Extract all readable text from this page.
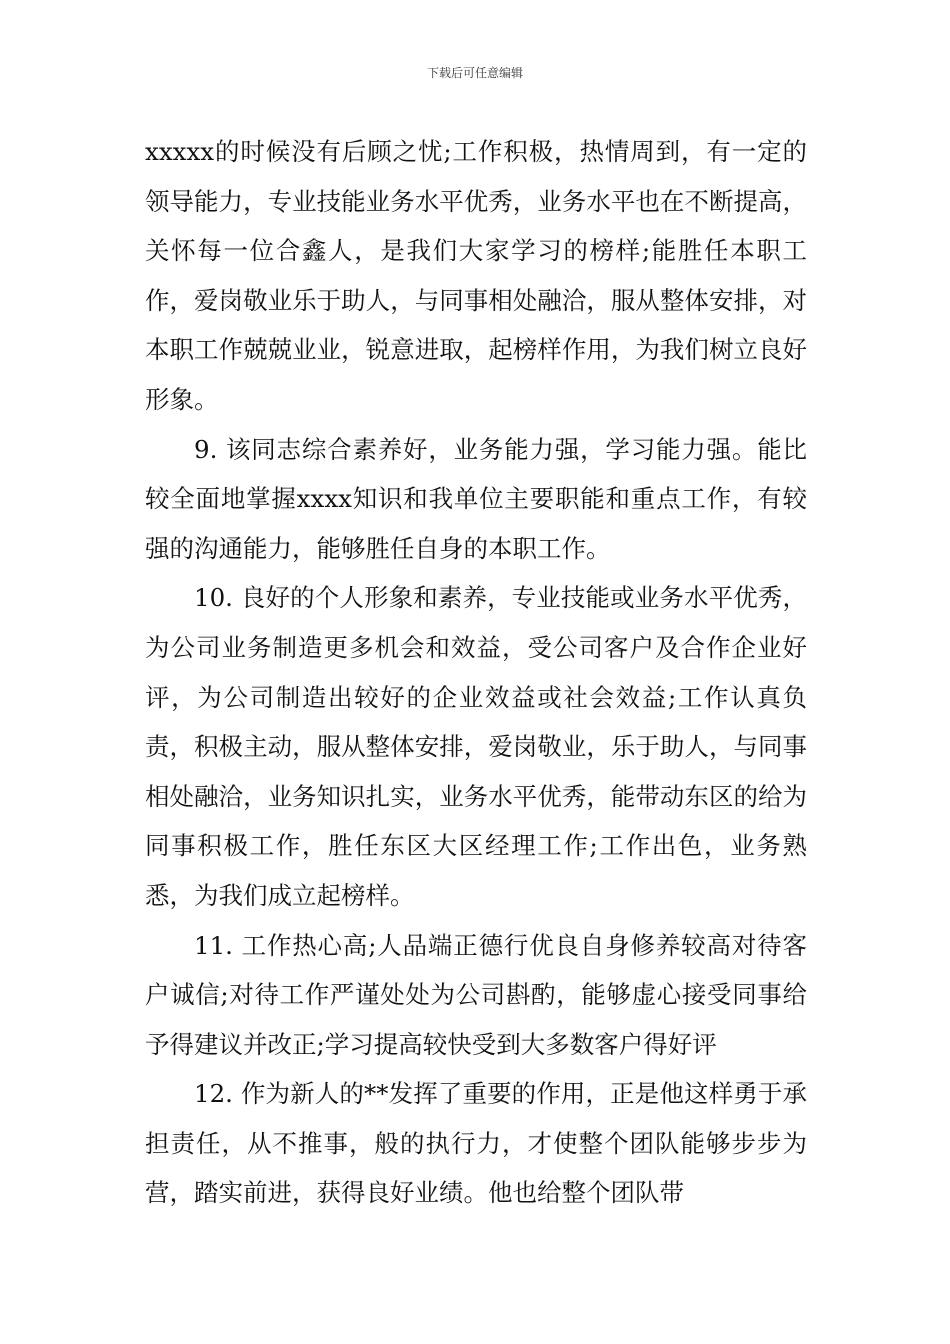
下载后可任意编辑

xxxxx的时候没有后顾之忧;工作积极，热情周到，有一定的领导能力，专业技能业务水平优秀，业务水平也在不断提高，关怀每一位合鑫人，是我们大家学习的榜样;能胜任本职工作，爱岗敬业乐于助人，与同事相处融洽，服从整体安排，对本职工作兢兢业业，锐意进取，起榜样作用，为我们树立良好形象。

9. 该同志综合素养好，业务能力强，学习能力强。能比较全面地掌握xxxx知识和我单位主要职能和重点工作，有较强的沟通能力，能够胜任自身的本职工作。

10. 良好的个人形象和素养，专业技能或业务水平优秀，为公司业务制造更多机会和效益，受公司客户及合作企业好评，为公司制造出较好的企业效益或社会效益;工作认真负责，积极主动，服从整体安排，爱岗敬业，乐于助人，与同事相处融洽，业务知识扎实，业务水平优秀，能带动东区的给为同事积极工作，胜任东区大区经理工作;工作出色，业务熟悉，为我们成立起榜样。

11. 工作热心高;人品端正德行优良自身修养较高对待客户诚信;对待工作严谨处处为公司斟酌，能够虚心接受同事给予得建议并改正;学习提高较快受到大多数客户得好评

12. 作为新人的**发挥了重要的作用，正是他这样勇于承担责任，从不推事，般的执行力，才使整个团队能够步步为营，踏实前进，获得良好业绩。他也给整个团队带
